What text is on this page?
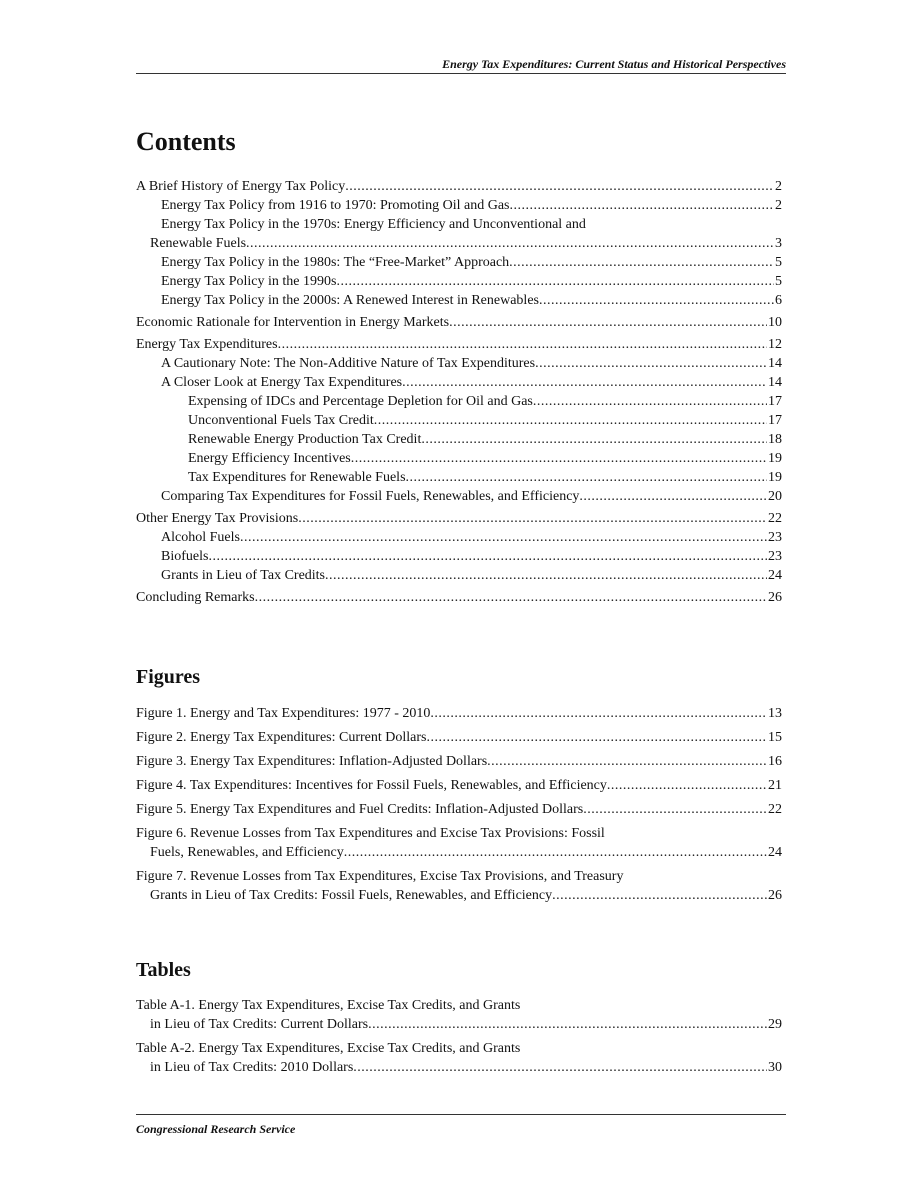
Energy Tax Expenditures: Current Status and Historical Perspectives
Contents
A Brief History of Energy Tax Policy .....	2
Energy Tax Policy from 1916 to 1970: Promoting Oil and Gas .....	2
Energy Tax Policy in the 1970s: Energy Efficiency and Unconventional and
Renewable Fuels .....	3
Energy Tax Policy in the 1980s: The “Free-Market” Approach .....	5
Energy Tax Policy in the 1990s .....	5
Energy Tax Policy in the 2000s: A Renewed Interest in Renewables .....	6
Economic Rationale for Intervention in Energy Markets .....	10
Energy Tax Expenditures .....	12
A Cautionary Note: The Non-Additive Nature of Tax Expenditures .....	14
A Closer Look at Energy Tax Expenditures .....	14
Expensing of IDCs and Percentage Depletion for Oil and Gas .....	17
Unconventional Fuels Tax Credit .....	17
Renewable Energy Production Tax Credit .....	18
Energy Efficiency Incentives .....	19
Tax Expenditures for Renewable Fuels .....	19
Comparing Tax Expenditures for Fossil Fuels, Renewables, and Efficiency .....	20
Other Energy Tax Provisions .....	22
Alcohol Fuels .....	23
Biofuels .....	23
Grants in Lieu of Tax Credits .....	24
Concluding Remarks .....	26
Figures
Figure 1. Energy and Tax Expenditures: 1977 - 2010 .....	13
Figure 2. Energy Tax Expenditures: Current Dollars .....	15
Figure 3. Energy Tax Expenditures: Inflation-Adjusted Dollars .....	16
Figure 4. Tax Expenditures: Incentives for Fossil Fuels, Renewables, and Efficiency .....	21
Figure 5. Energy Tax Expenditures and Fuel Credits: Inflation-Adjusted Dollars .....	22
Figure 6. Revenue Losses from Tax Expenditures and Excise Tax Provisions: Fossil
Fuels, Renewables, and Efficiency .....	24
Figure 7. Revenue Losses from Tax Expenditures, Excise Tax Provisions, and Treasury
Grants in Lieu of Tax Credits: Fossil Fuels, Renewables, and Efficiency .....	26
Tables
Table A-1. Energy Tax Expenditures, Excise Tax Credits, and Grants
in Lieu of Tax Credits: Current Dollars .....	29
Table A-2. Energy Tax Expenditures, Excise Tax Credits, and Grants
in Lieu of Tax Credits: 2010 Dollars .....	30
Congressional Research Service
